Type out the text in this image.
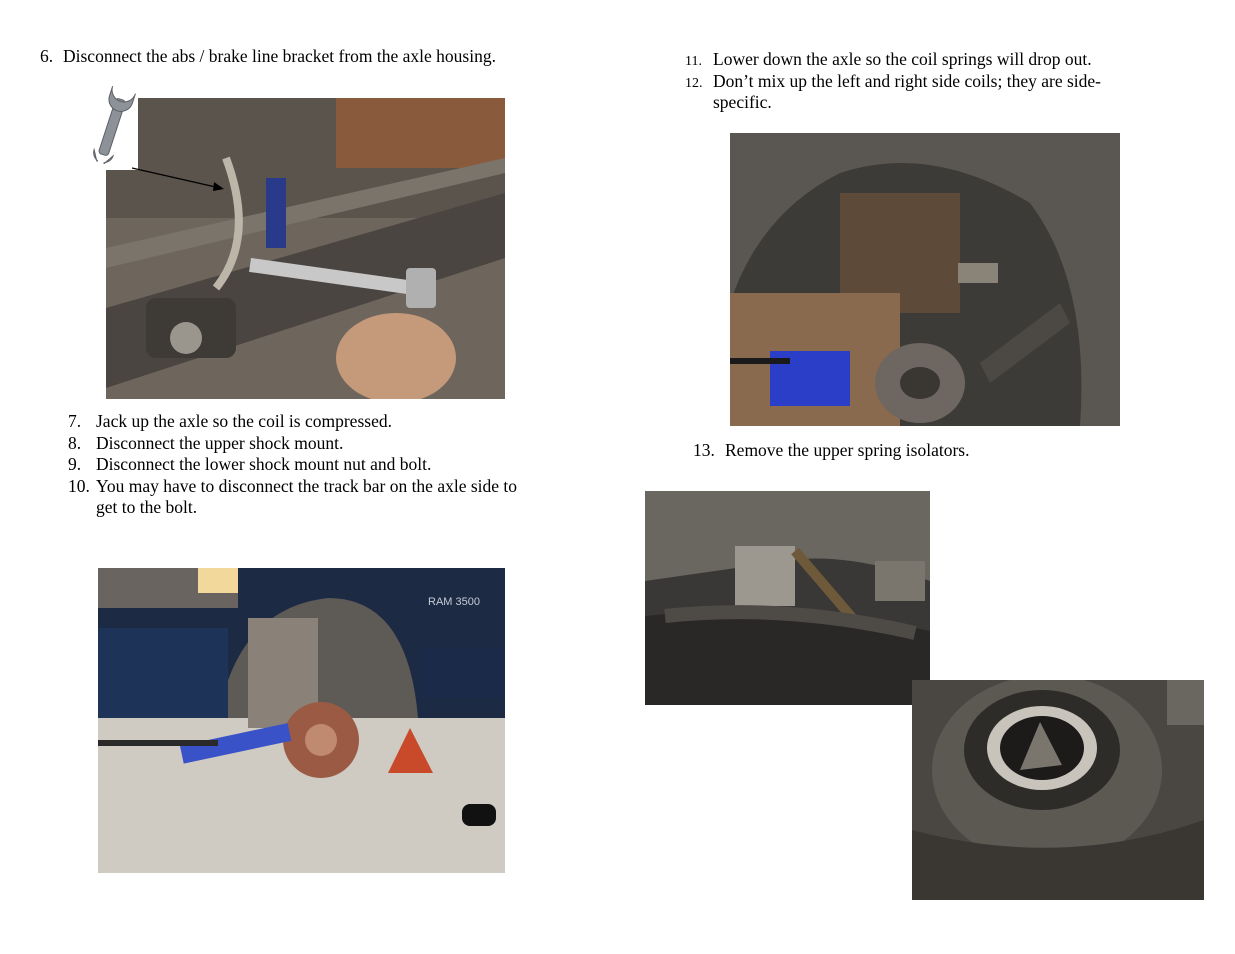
6. Disconnect the abs / brake line bracket from the axle housing.
7. Jack up the axle so the coil is compressed.
8. Disconnect the upper shock mount.
9. Disconnect the lower shock mount nut and bolt.
10. You may have to disconnect the track bar on the axle side to
get to the bolt.
RAM 3500
11. Lower down the axle so the coil springs will drop out.
12. Don’t mix up the left and right side coils; they are side-
specific.
13. Remove the upper spring isolators.
